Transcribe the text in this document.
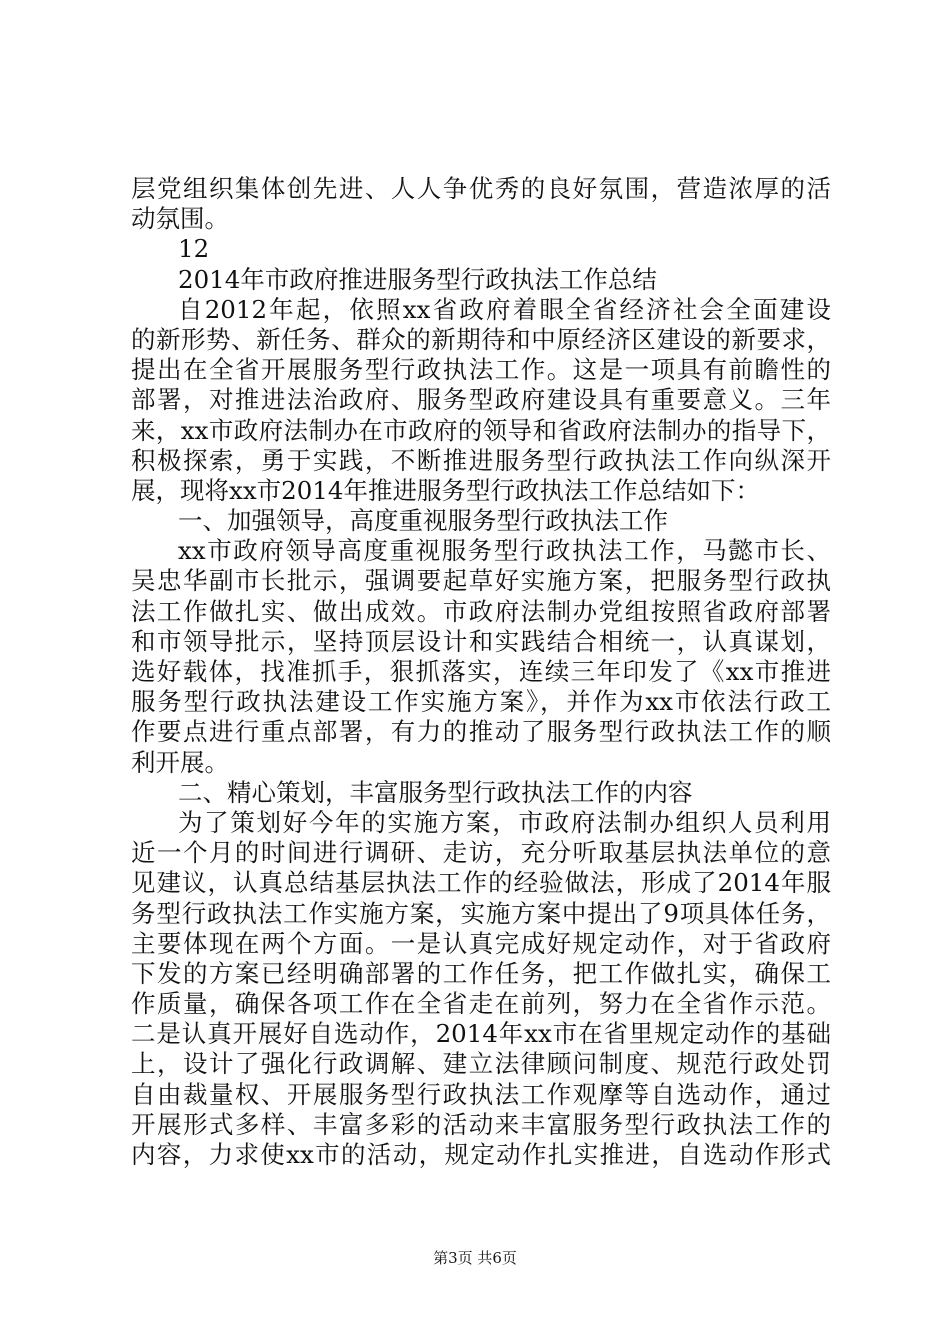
层党组织集体创先进、人人争优秀的良好氛围，营造浓厚的活
动氛围。
12
2014年市政府推进服务型行政执法工作总结
自2012年起，依照xx省政府着眼全省经济社会全面建设
的新形势、新任务、群众的新期待和中原经济区建设的新要求，
提出在全省开展服务型行政执法工作。这是一项具有前瞻性的
部署，对推进法治政府、服务型政府建设具有重要意义。三年
来，xx市政府法制办在市政府的领导和省政府法制办的指导下，
积极探索，勇于实践，不断推进服务型行政执法工作向纵深开
展，现将xx市2014年推进服务型行政执法工作总结如下：
一、加强领导，高度重视服务型行政执法工作
xx市政府领导高度重视服务型行政执法工作，马懿市长、
吴忠华副市长批示，强调要起草好实施方案，把服务型行政执
法工作做扎实、做出成效。市政府法制办党组按照省政府部署
和市领导批示，坚持顶层设计和实践结合相统一，认真谋划，
选好载体，找准抓手，狠抓落实，连续三年印发了《xx市推进
服务型行政执法建设工作实施方案》，并作为xx市依法行政工
作要点进行重点部署，有力的推动了服务型行政执法工作的顺
利开展。
二、精心策划，丰富服务型行政执法工作的内容
为了策划好今年的实施方案，市政府法制办组织人员利用
近一个月的时间进行调研、走访，充分听取基层执法单位的意
见建议，认真总结基层执法工作的经验做法，形成了2014年服
务型行政执法工作实施方案，实施方案中提出了9项具体任务，
主要体现在两个方面。一是认真完成好规定动作，对于省政府
下发的方案已经明确部署的工作任务，把工作做扎实，确保工
作质量，确保各项工作在全省走在前列，努力在全省作示范。
二是认真开展好自选动作，2014年xx市在省里规定动作的基础
上，设计了强化行政调解、建立法律顾问制度、规范行政处罚
自由裁量权、开展服务型行政执法工作观摩等自选动作，通过
开展形式多样、丰富多彩的活动来丰富服务型行政执法工作的
内容，力求使xx市的活动，规定动作扎实推进，自选动作形式
第3页 共6页
